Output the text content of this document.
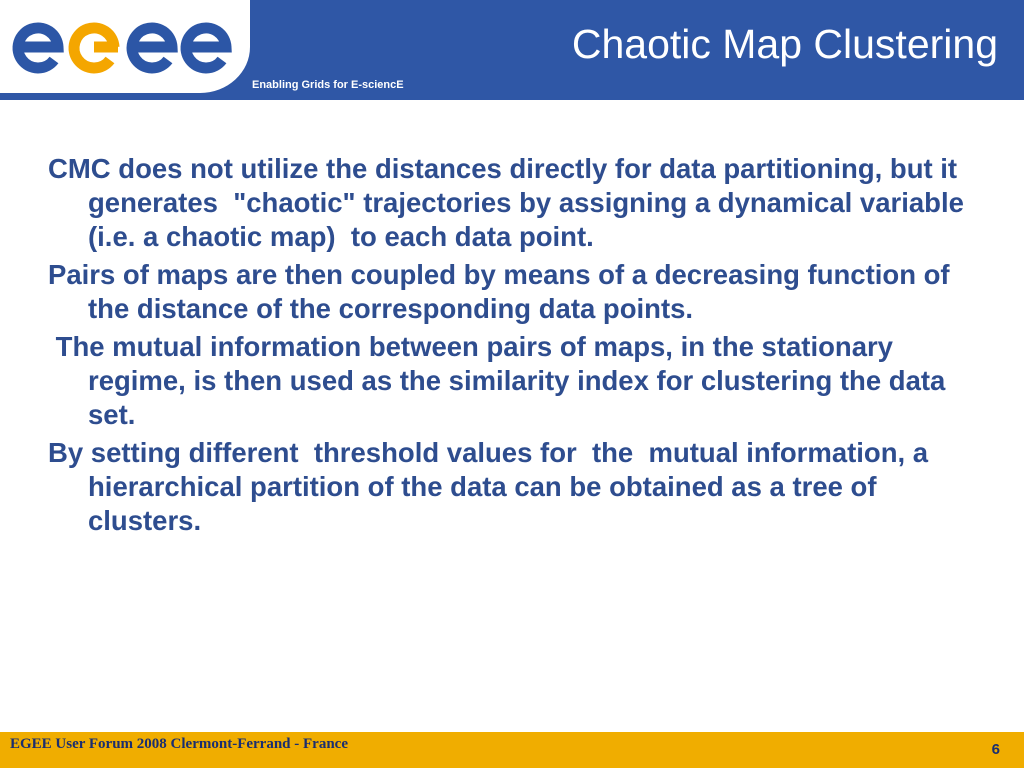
Chaotic Map Clustering
Enabling Grids for E-sciencE
CMC does not utilize the distances directly for data partitioning, but it generates  "chaotic" trajectories by assigning a dynamical variable (i.e. a chaotic map)  to each data point.
Pairs of maps are then coupled by means of a decreasing function of the distance of the corresponding data points.
The mutual information between pairs of maps, in the stationary regime, is then used as the similarity index for clustering the data set.
By setting different  threshold values for  the  mutual information, a hierarchical partition of the data can be obtained as a tree of clusters.
EGEE User Forum 2008 Clermont-Ferrand - France	6
